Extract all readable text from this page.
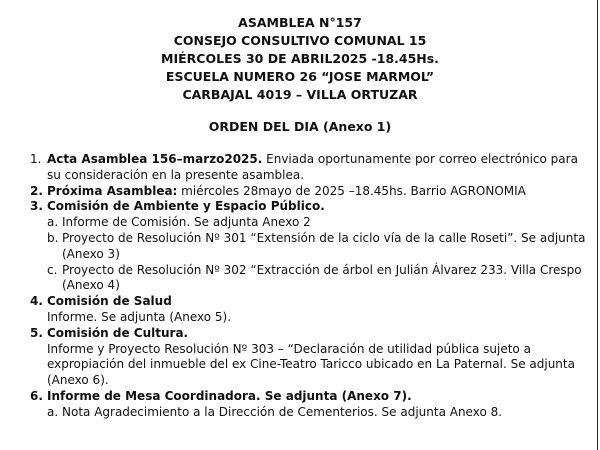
ASAMBLEA N°157
CONSEJO CONSULTIVO COMUNAL 15
MIÉRCOLES 30 DE ABRIL2025 -18.45Hs.
ESCUELA NUMERO 26 “JOSE MARMOL”
CARBAJAL 4019 – VILLA ORTUZAR
ORDEN DEL DIA (Anexo 1)
1. Acta Asamblea 156–marzo2025. Enviada oportunamente por correo electrónico para su consideración en la presente asamblea.
2. Próxima Asamblea: miércoles 28mayo de 2025 –18.45hs. Barrio AGRONOMIA
3. Comisión de Ambiente y Espacio Público.
a. Informe de Comisión. Se adjunta Anexo 2
b. Proyecto de Resolución Nº 301 “Extensión de la ciclo vía de la calle Roseti”. Se adjunta (Anexo 3)
c. Proyecto de Resolución Nº 302 “Extracción de árbol en Julián Álvarez 233. Villa Crespo (Anexo 4)
4. Comisión de Salud
Informe. Se adjunta (Anexo 5).
5. Comisión de Cultura.
Informe y Proyecto Resolución Nº 303 – “Declaración de utilidad pública sujeto a expropiación del inmueble del ex Cine-Teatro Taricco ubicado en La Paternal. Se adjunta (Anexo 6).
6. Informe de Mesa Coordinadora. Se adjunta (Anexo 7).
a. Nota Agradecimiento a la Dirección de Cementerios. Se adjunta Anexo 8.
